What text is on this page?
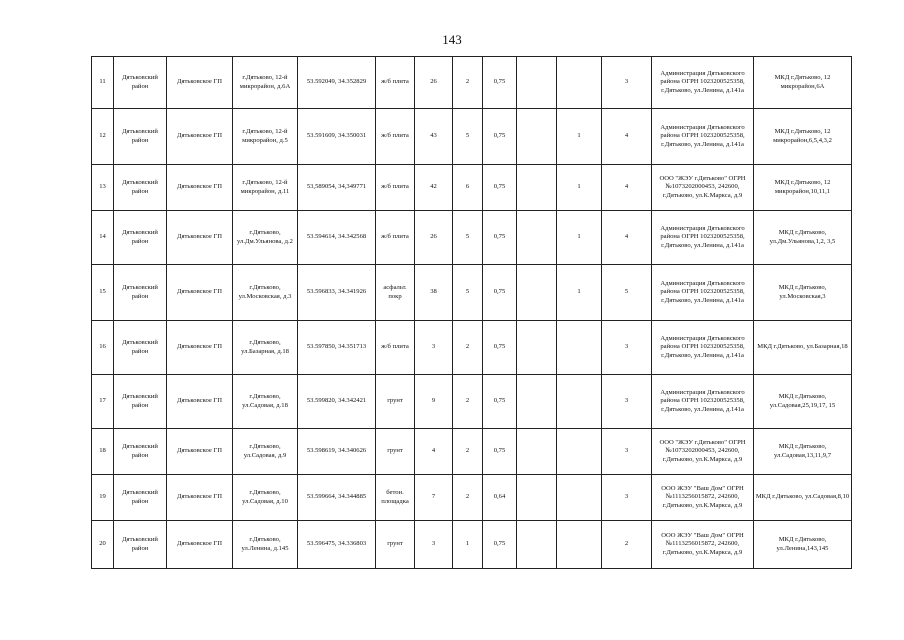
143
11	Дятьковский район	Дятьковское ГП	г.Дятьково, 12-й микрорайон, д.6А	53.592049, 34.352829	ж/б плита	26	2	0,75			3	Администрация Дятьковского района ОГРН 1023200525358, г.Дятьково, ул.Ленина, д.141а	МКД г.Дятьково, 12 микрорайон,6А
12	Дятьковский район	Дятьковское ГП	г.Дятьково, 12-й микрорайон, д.5	53.591609, 34.350031	ж/б плита	43	5	0,75		1	4	Администрация Дятьковского района ОГРН 1023200525358, г.Дятьково, ул.Ленина, д.141а	МКД г.Дятьково, 12 микрорайон,6,5,4,3,2
13	Дятьковский район	Дятьковское ГП	г.Дятьково, 12-й микрорайон, д.11	53,589054, 34,349771	ж/б плита	42	6	0,75		1	4	ООО "ЖЭУ г.Дятьково" ОГРН №1073202000453, 242600, г.Дятьково, ул.К.Маркса, д.9	МКД г.Дятьково, 12 микрорайон,10,11,1
14	Дятьковский район	Дятьковское ГП	г.Дятьково, ул.Дм.Ульянова, д.2	53.594614, 34.342568	ж/б плита	26	5	0,75		1	4	Администрация Дятьковского района ОГРН 1023200525358, г.Дятьково, ул.Ленина, д.141а	МКД г.Дятьково, ул.Дм.Ульянова,1,2, 3,5
15	Дятьковский район	Дятьковское ГП	г.Дятьково, ул.Московская, д.3	53.596833, 34.341926	асфальт. покр	38	5	0,75		1	5	Администрация Дятьковского района ОГРН 1023200525358, г.Дятьково, ул.Ленина, д.141а	МКД г.Дятьково, ул.Московская,3
16	Дятьковский район	Дятьковское ГП	г.Дятьково, ул.Базарная, д.18	53.597850, 34.351713	ж/б плита	3	2	0,75			3	Администрация Дятьковского района ОГРН 1023200525358, г.Дятьково, ул.Ленина, д.141а	МКД г.Дятьково, ул.Базарная,18
17	Дятьковский район	Дятьковское ГП	г.Дятьково, ул.Садовая, д.18	53.599820, 34.342421	грунт	9	2	0,75			3	Администрация Дятьковского района ОГРН 1023200525358, г.Дятьково, ул.Ленина, д.141а	МКД г.Дятьково, ул.Садовая,25,19,17, 15
18	Дятьковский район	Дятьковское ГП	г.Дятьково, ул.Садовая, д.9	53.598619, 34.340626	грунт	4	2	0,75			3	ООО "ЖЭУ г.Дятьково" ОГРН №1073202000453, 242600, г.Дятьково, ул.К.Маркса, д.9	МКД г.Дятьково, ул.Садовая,13,11,9,7
19	Дятьковский район	Дятьковское ГП	г.Дятьково, ул.Садовая, д.10	53.599664, 34.344885	бетон. площадка	7	2	0,64			3	ООО ЖЭУ "Ваш Дом" ОГРН №1113256015872, 242600, г.Дятьково, ул.К.Маркса, д.9	МКД г.Дятьково, ул.Садовая,8,10
20	Дятьковский район	Дятьковское ГП	г.Дятьково, ул.Ленина, д.145	53.596475, 34.336803	грунт	3	1	0,75			2	ООО ЖЭУ "Ваш Дом" ОГРН №1113256015872, 242600, г.Дятьково, ул.К.Маркса, д.9	МКД г.Дятьково, ул.Ленина,143,145
